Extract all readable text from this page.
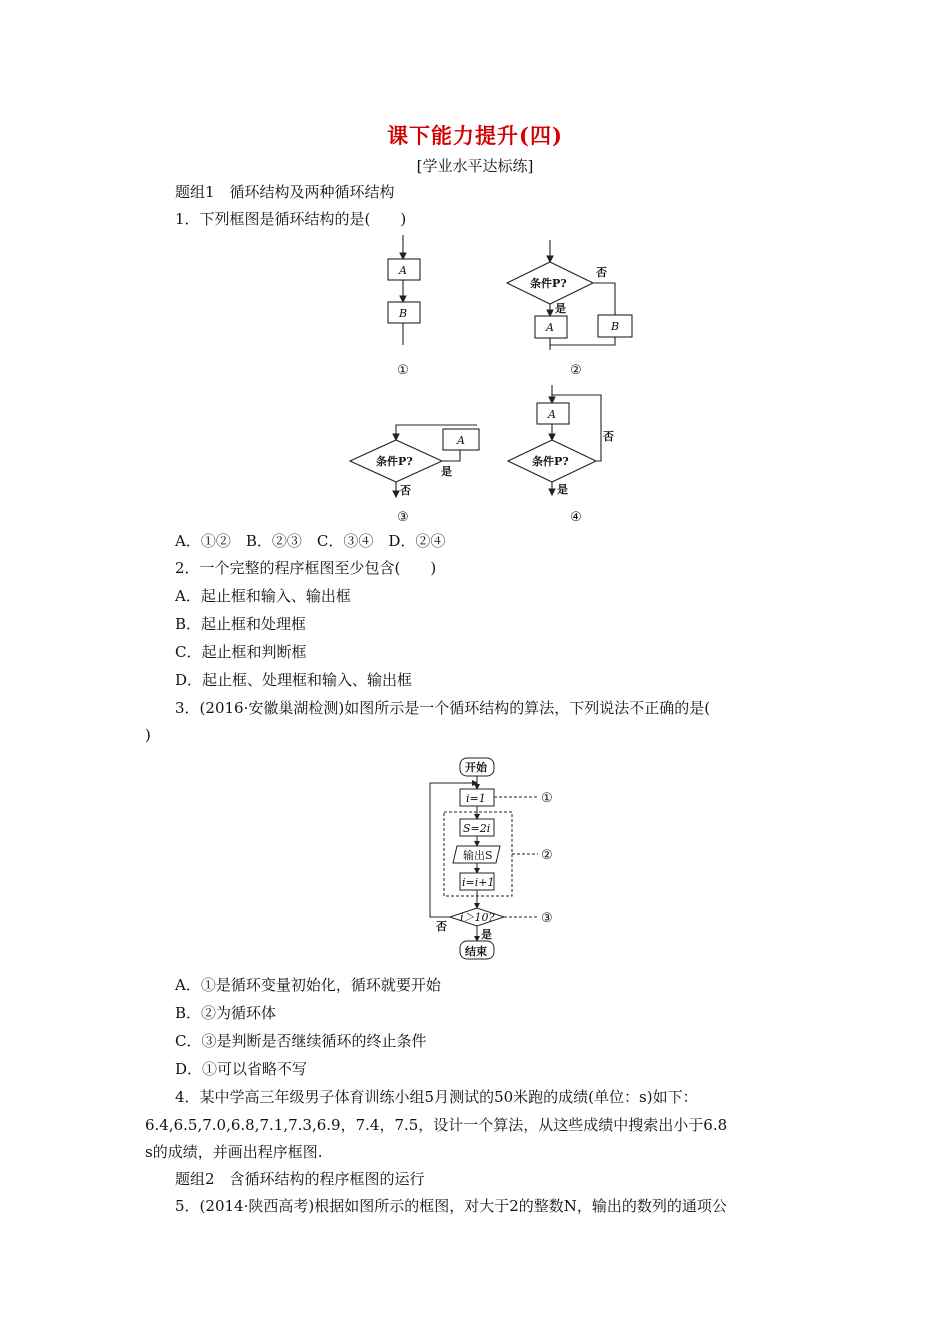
课下能力提升(四)
[学业水平达标练]
题组1　循环结构及两种循环结构
1．下列框图是循环结构的是(　　)
A
B
A	B
A
A
条件P?
否
是
条件P?
是
否
条件P?
否
是
①	②
③	④
A．①②　B．②③　C．③④　D．②④
2．一个完整的程序框图至少包含(　　)
A．起止框和输入、输出框
B．起止框和处理框
C．起止框和判断框
D．起止框、处理框和输入、输出框
3．(2016·安徽巢湖检测)如图所示是一个循环结构的算法，下列说法不正确的是(
)
开始
i=1
S=2i
输出S
i=i+1
i＞10?
否
是
结束
①
②
③
A．①是循环变量初始化，循环就要开始
B．②为循环体
C．③是判断是否继续循环的终止条件
D．①可以省略不写
4．某中学高三年级男子体育训练小组5月测试的50米跑的成绩(单位：s)如下：
6.4,6.5,7.0,6.8,7.1,7.3,6.9，7.4，7.5，设计一个算法，从这些成绩中搜索出小于6.8
s的成绩，并画出程序框图.
题组2　含循环结构的程序框图的运行
5．(2014·陕西高考)根据如图所示的框图，对大于2的整数N，输出的数列的通项公
